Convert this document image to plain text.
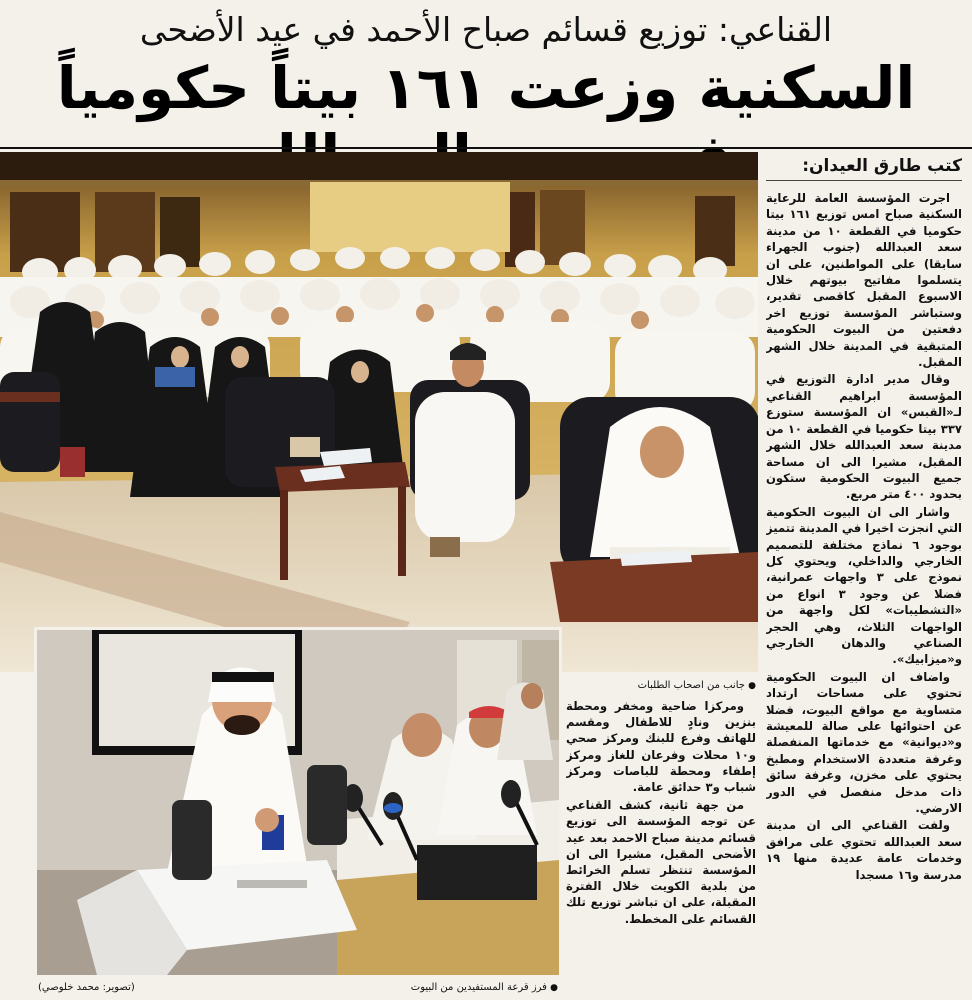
القناعي: توزيع قسائم صباح الأحمد في عيد الأضحى
السكنية وزعت ١٦١ بيتاً حكومياً
كتب طارق العيدان:

اجرت المؤسسة العامة للرعاية السكنية صباح امس توزيع ١٦١ بيتا حكوميا في القطعة ١٠ من مدينة سعد العبدالله (جنوب الجهراء سابقا) على المواطنين، على ان يتسلموا مفاتيح بيوتهم خلال الاسبوع المقبل كاقصى تقدير، وستباشر المؤسسة توزيع اخر دفعتين من البيوت الحكومية المتبقية في المدينة خلال الشهر المقبل.

وقال مدير ادارة التوزيع في المؤسسة ابراهيم القناعي لـ«القبس» ان المؤسسة ستوزع ٣٣٧ بيتا حكوميا في القطعة ١٠ من مدينة سعد العبدالله خلال الشهر المقبل، مشيرا الى ان مساحة جميع البيوت الحكومية ستكون بحدود ٤٠٠ متر مربع.

واشار الى ان البيوت الحكومية التي انجزت اخيرا في المدينة تتميز بوجود ٦ نماذج مختلفة للتصميم الخارجي والداخلي، ويحتوي كل نموذج على ٣ واجهات عمرانية، فضلا عن وجود ٣ انواع من «التشطيبات» لكل واجهة من الواجهات الثلاث، وهي الحجر الصناعي والدهان الخارجي و«ميزابيك».

واضاف ان البيوت الحكومية تحتوي على مساحات ارتداد متساوية مع مواقع البيوت، فضلا عن احتوائها على صالة للمعيشة و«ديوانية» مع خدماتها المنفصلة وغرفة متعددة الاستخدام ومطبخ يحتوي على مخزن، وغرفة سائق ذات مدخل منفصل في الدور الارضي.

ولفت القناعي الى ان مدينة سعد العبدالله تحتوي على مرافق وخدمات عامة عديدة منها ١٩ مدرسة و١٦ مسجدا

● جانب من اصحاب الطلبات

ومركزا ضاحية ومخفر ومحطة بنزين ونادٍ للاطفال ومقسم للهاتف وفرع للبنك ومركز صحي و١٠ محلات وفرعان للغاز ومركز إطفاء ومحطة للباصات ومركز شباب و٣ حدائق عامة.

من جهة ثانية، كشف القناعي عن توجه المؤسسة الى توزيع قسائم مدينة صباح الاحمد بعد عيد الأضحى المقبل، مشيرا الى ان المؤسسة تنتظر تسلم الخرائط من بلدية الكويت خلال الفترة المقبلة، على ان تباشر توزيع تلك القسائم على المخطط.

● فرز قرعة المستفيدين من البيوت
(تصوير: محمد خلوصي)
